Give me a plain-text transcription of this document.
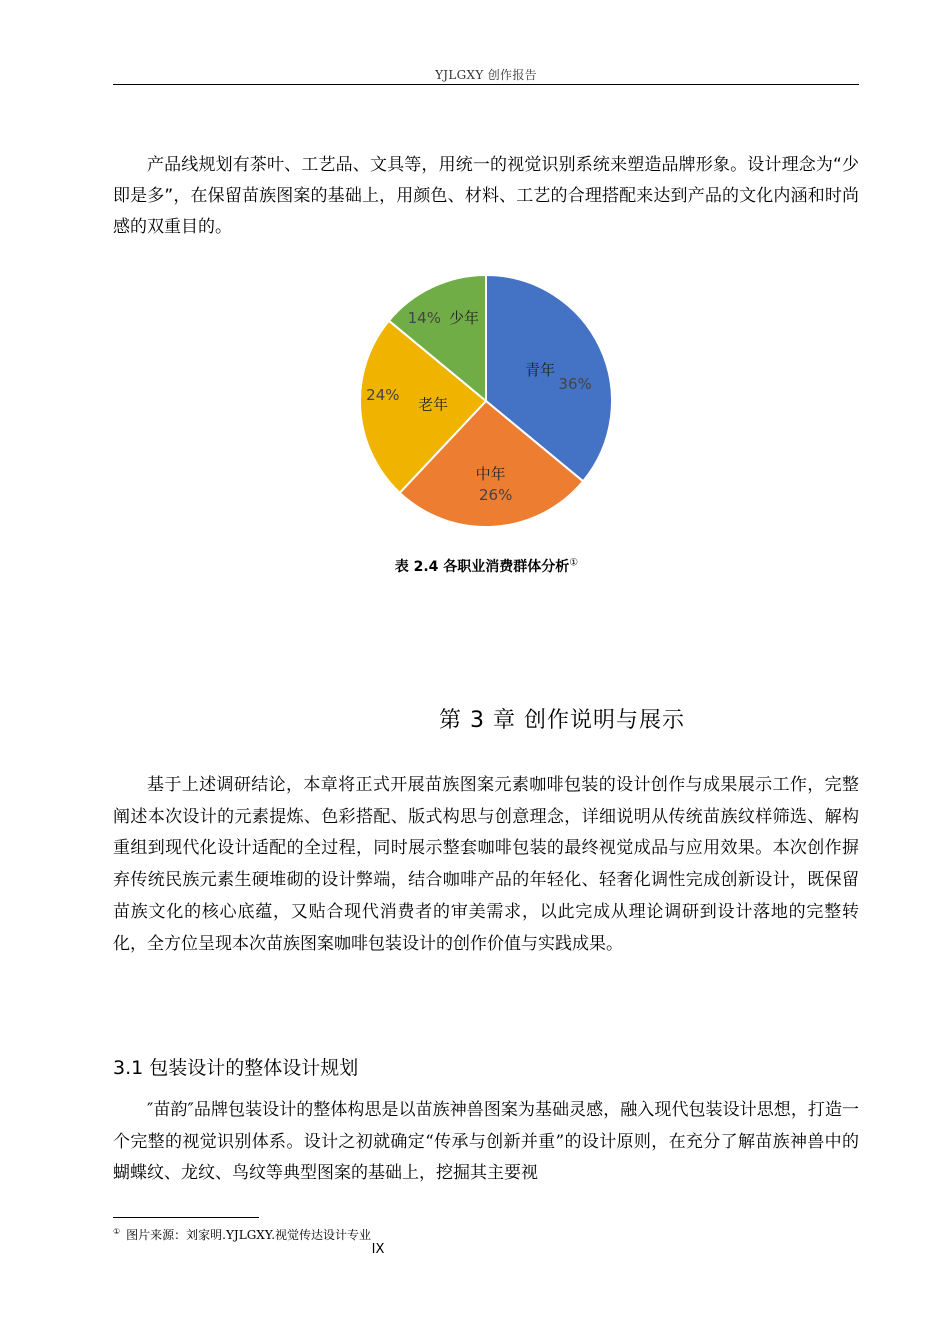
YJLGXY 创作报告

产品线规划有茶叶、工艺品、文具等，用统一的视觉识别系统来塑造品牌形象。设计理念为“少即是多”，在保留苗族图案的基础上，用颜色、材料、工艺的合理搭配来达到产品的文化内涵和时尚感的双重目的。

青年
36%
中年
26%
老年
24%
少年
14%
表 2.4 各职业消费群体分析①
第 3 章 创作说明与展示

基于上述调研结论，本章将正式开展苗族图案元素咖啡包装的设计创作与成果展示工作，完整阐述本次设计的元素提炼、色彩搭配、版式构思与创意理念，详细说明从传统苗族纹样筛选、解构重组到现代化设计适配的全过程，同时展示整套咖啡包装的最终视觉成品与应用效果。本次创作摒弃传统民族元素生硬堆砌的设计弊端，结合咖啡产品的年轻化、轻奢化调性完成创新设计，既保留苗族文化的核心底蕴，又贴合现代消费者的审美需求，以此完成从理论调研到设计落地的完整转化，全方位呈现本次苗族图案咖啡包装设计的创作价值与实践成果。

3.1 包装设计的整体设计规划

″苗韵″品牌包装设计的整体构思是以苗族神兽图案为基础灵感，融入现代包装设计思想，打造一个完整的视觉识别体系。设计之初就确定“传承与创新并重”的设计原则，在充分了解苗族神兽中的蝴蝶纹、龙纹、鸟纹等典型图案的基础上，挖掘其主要视

① 图片来源：刘家明.YJLGXY.视觉传达设计专业
IX
